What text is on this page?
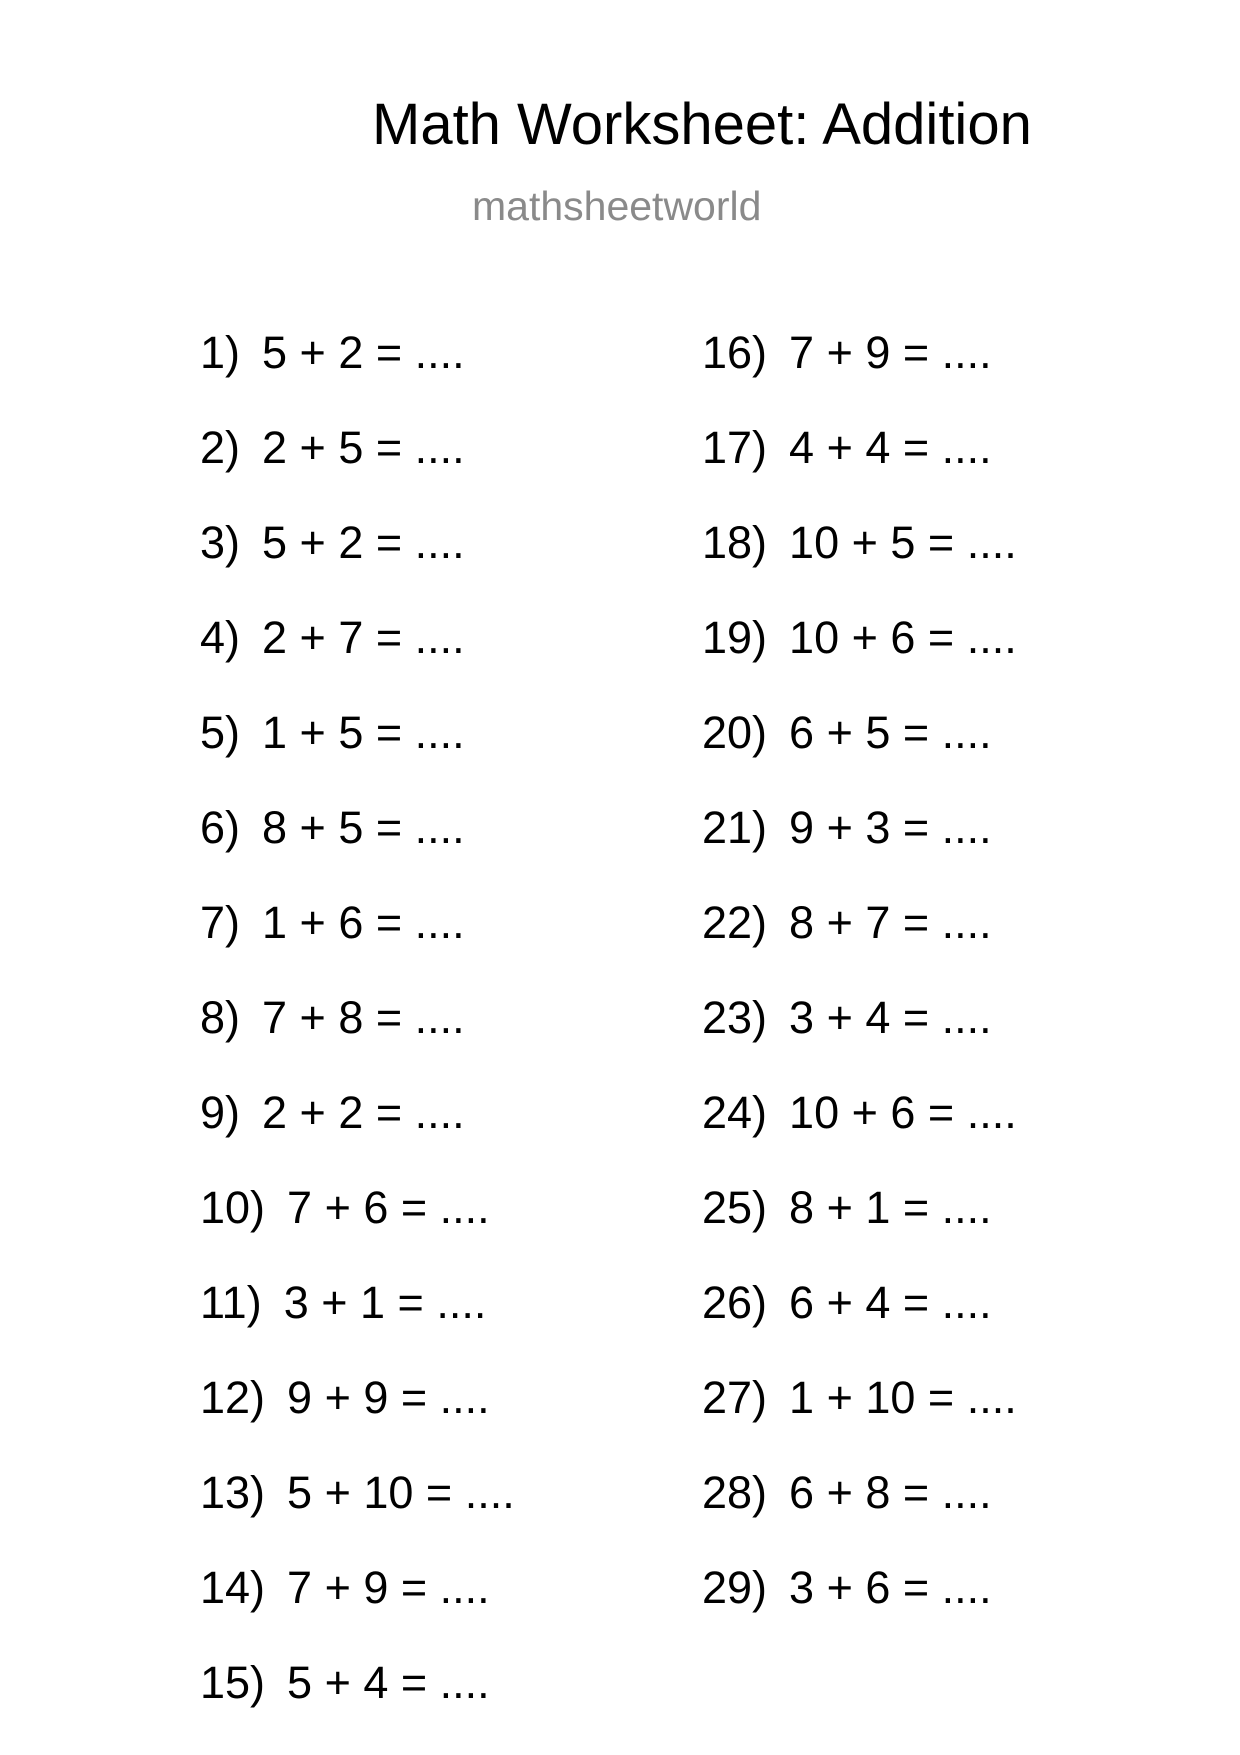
Math Worksheet: Addition
mathsheetworld
1) 5 + 2 = ....
2) 2 + 5 = ....
3) 5 + 2 = ....
4) 2 + 7 = ....
5) 1 + 5 = ....
6) 8 + 5 = ....
7) 1 + 6 = ....
8) 7 + 8 = ....
9) 2 + 2 = ....
10) 7 + 6 = ....
11) 3 + 1 = ....
12) 9 + 9 = ....
13) 5 + 10 = ....
14) 7 + 9 = ....
15) 5 + 4 = ....
16) 7 + 9 = ....
17) 4 + 4 = ....
18) 10 + 5 = ....
19) 10 + 6 = ....
20) 6 + 5 = ....
21) 9 + 3 = ....
22) 8 + 7 = ....
23) 3 + 4 = ....
24) 10 + 6 = ....
25) 8 + 1 = ....
26) 6 + 4 = ....
27) 1 + 10 = ....
28) 6 + 8 = ....
29) 3 + 6 = ....
